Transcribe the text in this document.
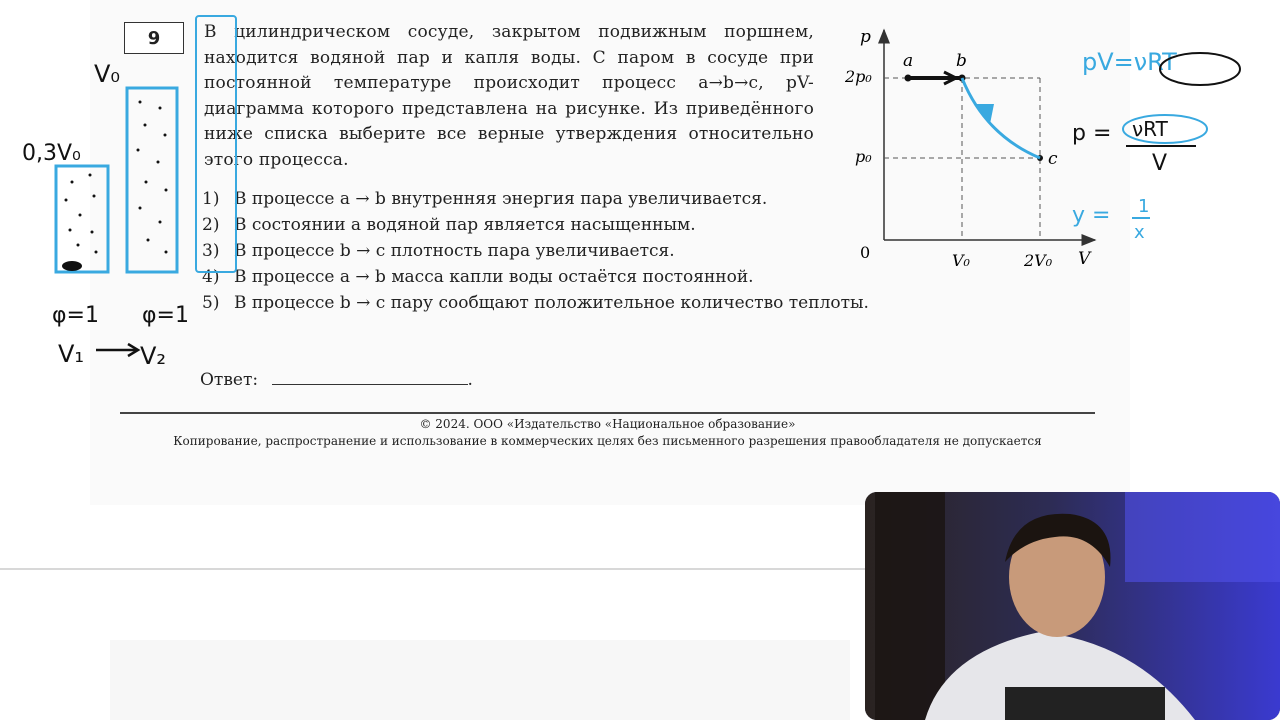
9	В цилиндрическом сосуде, закрытом подвижным поршнем, находится водяной пар и капля воды. С паром в сосуде при постоянной температуре происходит процесс a→b→c, pV-диаграмма которого представлена на рисунке. Из приведённого ниже списка выберите все верные утверждения относительно этого процесса.
1) В процессе a → b внутренняя энергия пара увеличивается.
2) В состоянии a водяной пар является насыщенным.
3) В процессе b → c плотность пара увеличивается.
4) В процессе a → b масса капли воды остаётся постоянной.
5) В процессе b → c пару сообщают положительное количество теплоты.
Ответ:	.
© 2024. ООО «Издательство «Национальное образование»
Копирование, распространение и использование в коммерческих целях без письменного разрешения правообладателя не допускается
p
V
0
2p₀
p₀
V₀	2V₀
a	b
c
V₀
0,3V₀
φ=1 φ=1
V₁ V₂
pV=νRT
p = νRT
V
y = 1
x
